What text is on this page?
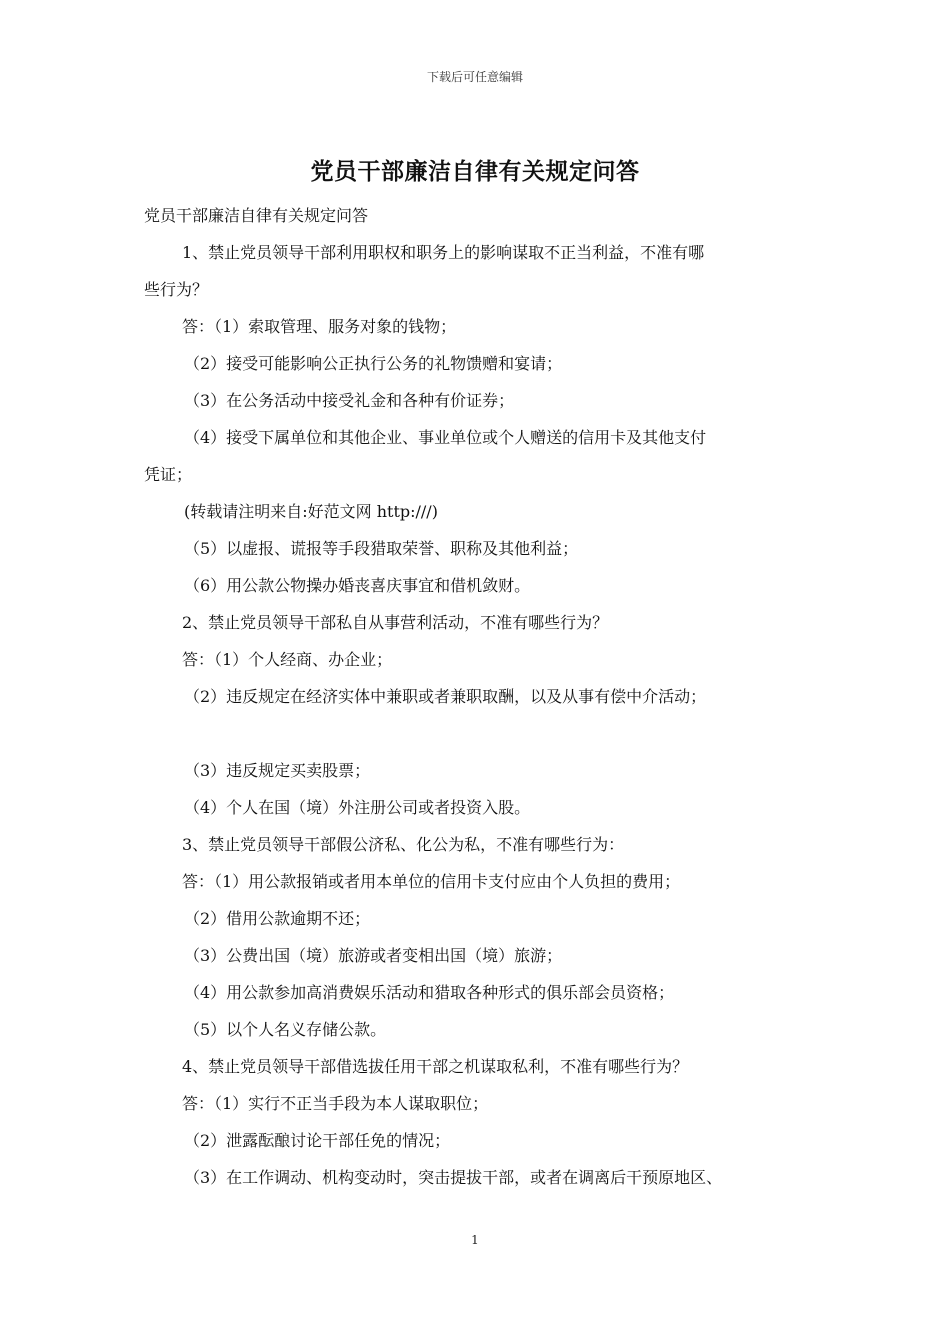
下载后可任意编辑
党员干部廉洁自律有关规定问答
党员干部廉洁自律有关规定问答
1、禁止党员领导干部利用职权和职务上的影响谋取不正当利益，不准有哪
些行为？
答：（1）索取管理、服务对象的钱物；
（2）接受可能影响公正执行公务的礼物馈赠和宴请；
（3）在公务活动中接受礼金和各种有价证券；
（4）接受下属单位和其他企业、事业单位或个人赠送的信用卡及其他支付
凭证；
(转载请注明来自:好范文网 http:///)
（5）以虚报、谎报等手段猎取荣誉、职称及其他利益；
（6）用公款公物操办婚丧喜庆事宜和借机敛财。
2、禁止党员领导干部私自从事营利活动，不准有哪些行为？
答：（1）个人经商、办企业；
（2）违反规定在经济实体中兼职或者兼职取酬，以及从事有偿中介活动；
（3）违反规定买卖股票；
（4）个人在国（境）外注册公司或者投资入股。
3、禁止党员领导干部假公济私、化公为私，不准有哪些行为：
答：（1）用公款报销或者用本单位的信用卡支付应由个人负担的费用；
（2）借用公款逾期不还；
（3）公费出国（境）旅游或者变相出国（境）旅游；
（4）用公款参加高消费娱乐活动和猎取各种形式的俱乐部会员资格；
（5）以个人名义存储公款。
4、禁止党员领导干部借选拔任用干部之机谋取私利，不准有哪些行为？
答：（1）实行不正当手段为本人谋取职位；
（2）泄露酝酿讨论干部任免的情况；
（3）在工作调动、机构变动时，突击提拔干部，或者在调离后干预原地区、
1
